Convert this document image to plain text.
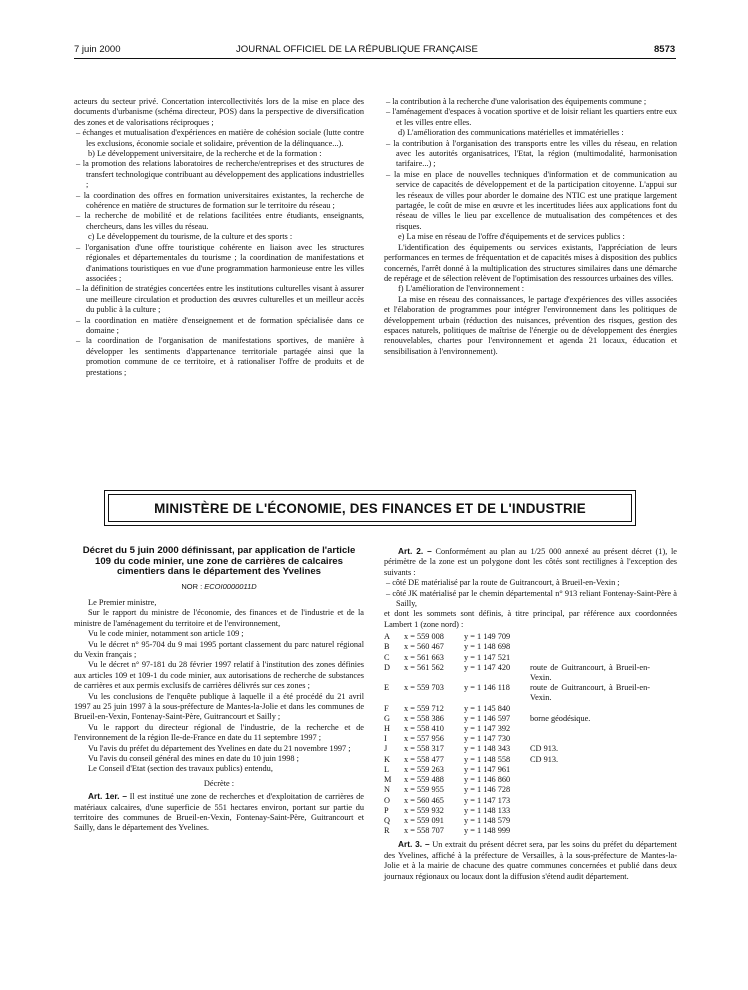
7 juin 2000	JOURNAL OFFICIEL DE LA RÉPUBLIQUE FRANÇAISE	8573

acteurs du secteur privé. Concertation intercollectivités lors de la mise en place des documents d'urbanisme (schéma directeur, POS) dans la perspective de diversification des zones et de valorisations réciproques ;

– échanges et mutualisation d'expériences en matière de cohésion sociale (lutte contre les exclusions, économie sociale et solidaire, prévention de la délinquance...).

b) Le développement universitaire, de la recherche et de la formation :

– la promotion des relations laboratoires de recherche/entreprises et des structures de transfert technologique contribuant au développement des applications industrielles ;

– la coordination des offres en formation universitaires existantes, la recherche de cohérence en matière de structures de formation sur le territoire du réseau ;

– la recherche de mobilité et de relations facilitées entre étudiants, enseignants, chercheurs, dans les villes du réseau.

c) Le développement du tourisme, de la culture et des sports :

– l'organisation d'une offre touristique cohérente en liaison avec les structures régionales et départementales du tourisme ; la coordination de manifestations et d'animations touristiques en vue d'une programmation harmonieuse entre les villes associées ;

– la définition de stratégies concertées entre les institutions culturelles visant à assurer une meilleure circulation et production des œuvres culturelles et un meilleur accès du public à la culture ;

– la coordination en matière d'enseignement et de formation spécialisée dans ce domaine ;

– la coordination de l'organisation de manifestations sportives, de manière à développer les sentiments d'appartenance territoriale partagée ainsi que la promotion commune de ce territoire, et à rationaliser l'offre de produits et de prestations ;

– la contribution à la recherche d'une valorisation des équipements commune ;

– l'aménagement d'espaces à vocation sportive et de loisir reliant les quartiers entre eux et les villes entre elles.

d) L'amélioration des communications matérielles et immatérielles :

– la contribution à l'organisation des transports entre les villes du réseau, en relation avec les autorités organisatrices, l'Etat, la région (multimodalité, harmonisation tarifaire...) ;

– la mise en place de nouvelles techniques d'information et de communication au service de capacités de développement et de la participation citoyenne. L'appui sur les réseaux de villes pour aborder le domaine des NTIC est une pratique largement partagée, le coût de mise en œuvre et les incertitudes liées aux applications font du réseau de villes le lieu par excellence de mutualisation des compétences et des risques.

e) La mise en réseau de l'offre d'équipements et de services publics :

L'identification des équipements ou services existants, l'appréciation de leurs performances en termes de fréquentation et de capacités mises à disposition des publics concernés, l'arrêt donné à la multiplication des structures similaires dans une démarche de repérage et de sélection relèvent de l'optimisation des ressources urbaines des villes.

f) L'amélioration de l'environnement :

La mise en réseau des connaissances, le partage d'expériences des villes associées et l'élaboration de programmes pour intégrer l'environnement dans les politiques de développement urbain (réduction des nuisances, prévention des risques, gestion des espaces naturels, politiques de maîtrise de l'énergie ou de développement des énergies renouvelables, chartes pour l'environnement et agenda 21 locaux, éducation et sensibilisation à l'environnement).

MINISTÈRE DE L'ÉCONOMIE, DES FINANCES ET DE L'INDUSTRIE
Décret du 5 juin 2000 définissant, par application de l'article 109 du code minier, une zone de carrières de calcaires cimentiers dans le département des Yvelines
NOR : ECOI0000011D

Le Premier ministre,

Sur le rapport du ministre de l'économie, des finances et de l'industrie et de la ministre de l'aménagement du territoire et de l'environnement,

Vu le code minier, notamment son article 109 ;

Vu le décret n° 95-704 du 9 mai 1995 portant classement du parc naturel régional du Vexin français ;

Vu le décret n° 97-181 du 28 février 1997 relatif à l'institution des zones définies aux articles 109 et 109-1 du code minier, aux autorisations de recherche de substances de carrières et aux permis exclusifs de carrières délivrés sur ces zones ;

Vu les conclusions de l'enquête publique à laquelle il a été procédé du 21 avril 1997 au 25 juin 1997 à la sous-préfecture de Mantes-la-Jolie et dans les communes de Brueil-en-Vexin, Fontenay-Saint-Père, Guitrancourt et Sailly ;

Vu le rapport du directeur régional de l'industrie, de la recherche et de l'environnement de la région Ile-de-France en date du 11 septembre 1997 ;

Vu l'avis du préfet du département des Yvelines en date du 21 novembre 1997 ;

Vu l'avis du conseil général des mines en date du 10 juin 1998 ;

Le Conseil d'Etat (section des travaux publics) entendu,

Décrète :

Art. 1er. – Il est institué une zone de recherches et d'exploitation de carrières de matériaux calcaires, d'une superficie de 551 hectares environ, portant sur partie du territoire des communes de Brueil-en-Vexin, Fontenay-Saint-Père, Guitrancourt et Sailly, dans le département des Yvelines.

Art. 2. – Conformément au plan au 1/25 000 annexé au présent décret (1), le périmètre de la zone est un polygone dont les côtés sont rectilignes à l'exception des suivants :

– côté DE matérialisé par la route de Guitrancourt, à Brueil-en-Vexin ;

– côté JK matérialisé par le chemin départemental n° 913 reliant Fontenay-Saint-Père à Sailly,

et dont les sommets sont définis, à titre principal, par référence aux coordonnées Lambert 1 (zone nord) :

A	x = 559 008	y = 1 149 709	
B	x = 560 467	y = 1 148 698	
C	x = 561 663	y = 1 147 521	
D	x = 561 562	y = 1 147 420	route de Guitrancourt, à Brueil-en-Vexin.
E	x = 559 703	y = 1 146 118	route de Guitrancourt, à Brueil-en-Vexin.
F	x = 559 712	y = 1 145 840	
G	x = 558 386	y = 1 146 597	borne géodésique.
H	x = 558 410	y = 1 147 392	
I	x = 557 956	y = 1 147 730	
J	x = 558 317	y = 1 148 343	CD 913.
K	x = 558 477	y = 1 148 558	CD 913.
L	x = 559 263	y = 1 147 961	
M	x = 559 488	y = 1 146 860	
N	x = 559 955	y = 1 146 728	
O	x = 560 465	y = 1 147 173	
P	x = 559 932	y = 1 148 133	
Q	x = 559 091	y = 1 148 579	
R	x = 558 707	y = 1 148 999	

Art. 3. – Un extrait du présent décret sera, par les soins du préfet du département des Yvelines, affiché à la préfecture de Versailles, à la sous-préfecture de Mantes-la-Jolie et à la mairie de chacune des quatre communes concernées et publié dans deux journaux régionaux ou locaux dont la diffusion s'étend audit département.
